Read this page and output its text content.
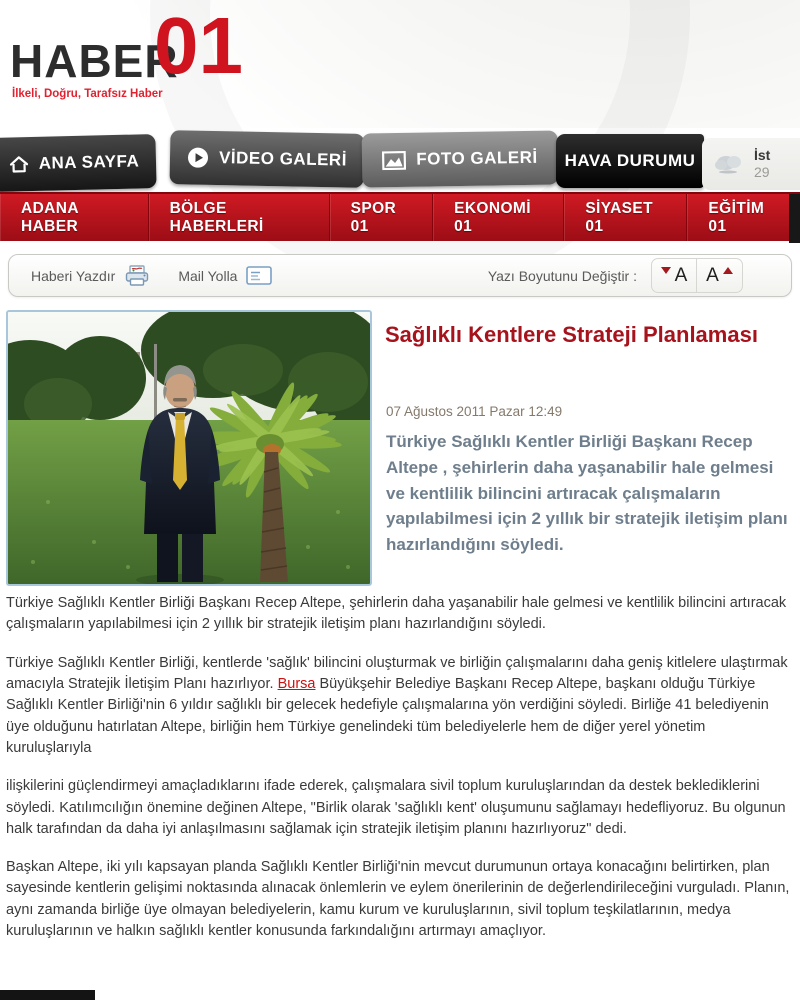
HABER
01
İlkeli, Doğru, Tarafsız Haber
ANA SAYFA	VİDEO GALERİ	FOTO GALERİ HAVA DURUMU	İst
29
ADANA HABER
BÖLGE HABERLERİ
SPOR 01
EKONOMİ 01
SİYASET 01
EĞİTİM 01
Haberi Yazdır	Mail Yolla	Yazı Boyutunu Değiştir : A A
Sağlıklı Kentlere Strateji Planlaması
07 Ağustos 2011 Pazar 12:49
Türkiye Sağlıklı Kentler Birliği Başkanı Recep Altepe , şehirlerin daha yaşanabilir hale gelmesi ve kentlilik bilincini artıracak çalışmaların yapılabilmesi için 2 yıllık bir stratejik iletişim planı hazırlandığını söyledi.

Türkiye Sağlıklı Kentler Birliği Başkanı Recep Altepe, şehirlerin daha yaşanabilir hale gelmesi ve kentlilik bilincini artıracak çalışmaların yapılabilmesi için 2 yıllık bir stratejik iletişim planı hazırlandığını söyledi.

Türkiye Sağlıklı Kentler Birliği, kentlerde 'sağlık' bilincini oluşturmak ve birliğin çalışmalarını daha geniş kitlelere ulaştırmak amacıyla Stratejik İletişim Planı hazırlıyor. Bursa Büyükşehir Belediye Başkanı Recep Altepe, başkanı olduğu Türkiye Sağlıklı Kentler Birliği'nin 6 yıldır sağlıklı bir gelecek hedefiyle çalışmalarına yön verdiğini söyledi. Birliğe 41 belediyenin üye olduğunu hatırlatan Altepe, birliğin hem Türkiye genelindeki tüm belediyelerle hem de diğer yerel yönetim kuruluşlarıyla

ilişkilerini güçlendirmeyi amaçladıklarını ifade ederek, çalışmalara sivil toplum kuruluşlarından da destek beklediklerini söyledi. Katılımcılığın önemine değinen Altepe, "Birlik olarak 'sağlıklı kent' oluşumunu sağlamayı hedefliyoruz. Bu olgunun halk tarafından da daha iyi anlaşılmasını sağlamak için stratejik iletişim planını hazırlıyoruz" dedi.

Başkan Altepe, iki yılı kapsayan planda Sağlıklı Kentler Birliği'nin mevcut durumunun ortaya konacağını belirtirken, plan sayesinde kentlerin gelişimi noktasında alınacak önlemlerin ve eylem önerilerinin de değerlendirileceğini vurguladı. Planın, aynı zamanda birliğe üye olmayan belediyelerin, kamu kurum ve kuruluşlarının, sivil toplum teşkilatlarının, medya kuruluşlarının ve halkın sağlıklı kentler konusunda farkındalığını artırmayı amaçlıyor.
